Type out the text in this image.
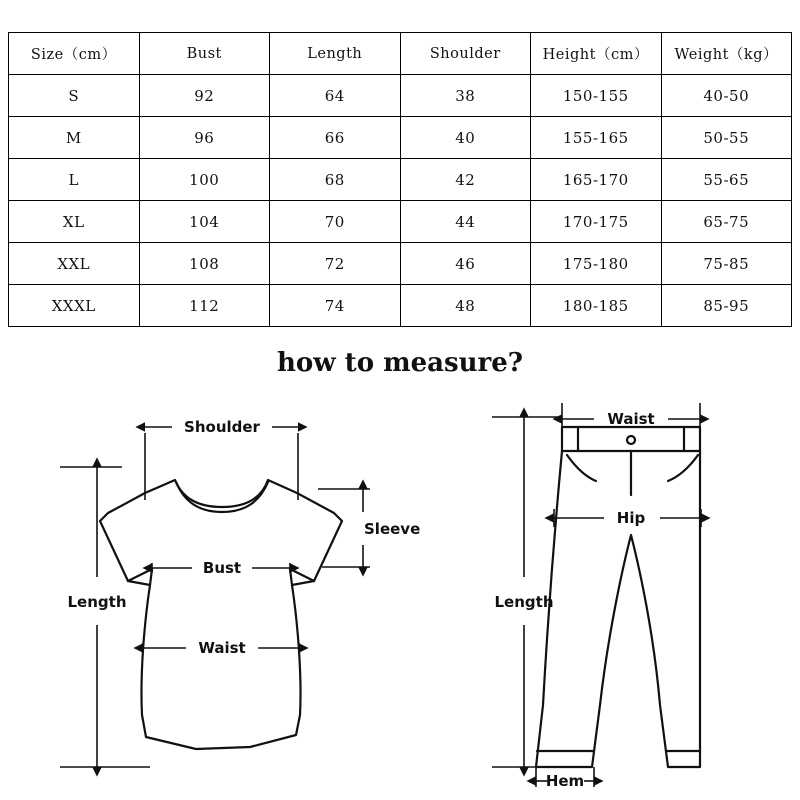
Size（cm）	Bust	Length	Shoulder	Height（cm）	Weight（kg）
S	92	64	38	150-155	40-50
M	96	66	40	155-165	50-55
L	100	68	42	165-170	55-65
XL	104	70	44	170-175	65-75
XXL	108	72	46	175-180	75-85
XXXL	112	74	48	180-185	85-95
how to measure?
Shoulder
Sleeve
Bust
Waist
Length
Waist
Hip
Length
Hem
